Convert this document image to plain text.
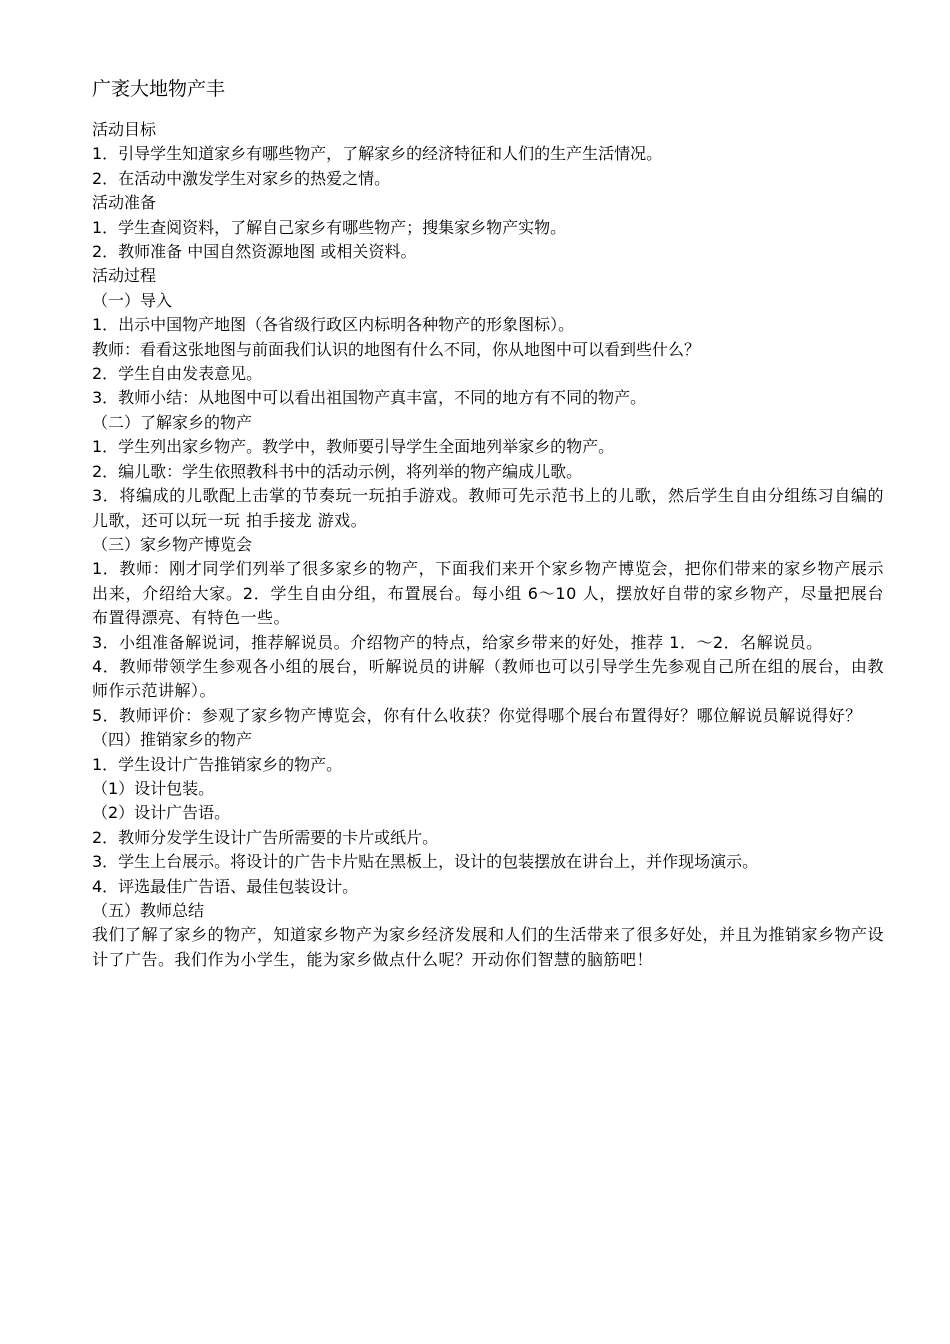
广袤大地物产丰
活动目标
1．引导学生知道家乡有哪些物产，了解家乡的经济特征和人们的生产生活情况。
2．在活动中激发学生对家乡的热爱之情。
活动准备
1．学生查阅资料，了解自己家乡有哪些物产；搜集家乡物产实物。
2．教师准备 中国自然资源地图 或相关资料。
活动过程
（一）导入
1．出示中国物产地图（各省级行政区内标明各种物产的形象图标）。
教师：看看这张地图与前面我们认识的地图有什么不同，你从地图中可以看到些什么？
2．学生自由发表意见。
3．教师小结：从地图中可以看出祖国物产真丰富，不同的地方有不同的物产。
（二）了解家乡的物产
1．学生列出家乡物产。教学中，教师要引导学生全面地列举家乡的物产。
2．编儿歌：学生依照教科书中的活动示例，将列举的物产编成儿歌。
3．将编成的儿歌配上击掌的节奏玩一玩拍手游戏。教师可先示范书上的儿歌，然后学生自由分组练习自编的儿歌，还可以玩一玩 拍手接龙 游戏。
（三）家乡物产博览会
1．教师：刚才同学们列举了很多家乡的物产，下面我们来开个家乡物产博览会，把你们带来的家乡物产展示出来，介绍给大家。2．学生自由分组，布置展台。每小组 6～10 人，摆放好自带的家乡物产，尽量把展台布置得漂亮、有特色一些。
3．小组准备解说词，推荐解说员。介绍物产的特点，给家乡带来的好处，推荐 1．～2．名解说员。
4．教师带领学生参观各小组的展台，听解说员的讲解（教师也可以引导学生先参观自己所在组的展台，由教师作示范讲解）。
5．教师评价：参观了家乡物产博览会，你有什么收获？你觉得哪个展台布置得好？哪位解说员解说得好？
（四）推销家乡的物产
1．学生设计广告推销家乡的物产。
（1）设计包装。
（2）设计广告语。
2．教师分发学生设计广告所需要的卡片或纸片。
3．学生上台展示。将设计的广告卡片贴在黑板上，设计的包装摆放在讲台上，并作现场演示。
4．评选最佳广告语、最佳包装设计。
（五）教师总结
我们了解了家乡的物产，知道家乡物产为家乡经济发展和人们的生活带来了很多好处，并且为推销家乡物产设计了广告。我们作为小学生，能为家乡做点什么呢？开动你们智慧的脑筋吧！
